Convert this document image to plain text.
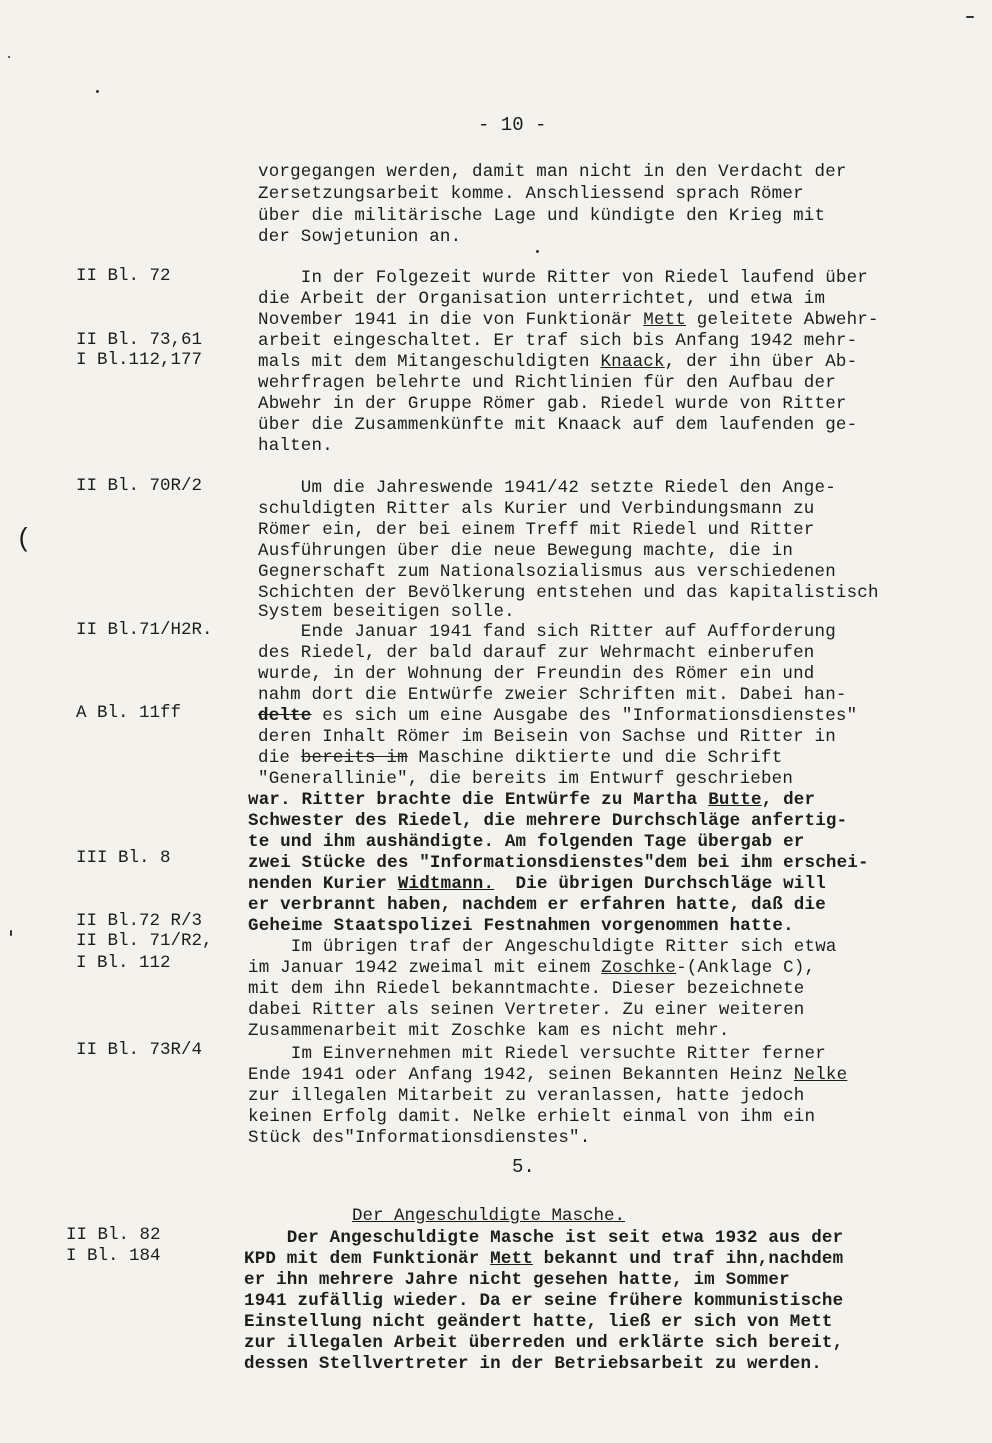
(
- 10 -
II Bl. 72
II Bl. 73,61
I Bl.112,177
II Bl. 70R/2
II Bl.71/H2R.
A Bl. 11ff
III Bl. 8
II Bl.72 R/3
II Bl. 71/R2,
I Bl. 112
II Bl. 73R/4
II Bl. 82
I Bl. 184
vorgegangen werden, damit man nicht in den Verdacht der
Zersetzungsarbeit komme. Anschliessend sprach Römer
über die militärische Lage und kündigte den Krieg mit
der Sowjetunion an.
In der Folgezeit wurde Ritter von Riedel laufend über
die Arbeit der Organisation unterrichtet, und etwa im
November 1941 in die von Funktionär Mett geleitete Abwehr-
arbeit eingeschaltet. Er traf sich bis Anfang 1942 mehr-
mals mit dem Mitangeschuldigten Knaack, der ihn über Ab-
wehrfragen belehrte und Richtlinien für den Aufbau der
Abwehr in der Gruppe Römer gab. Riedel wurde von Ritter
über die Zusammenkünfte mit Knaack auf dem laufenden ge-
halten.
Um die Jahreswende 1941/42 setzte Riedel den Ange-
schuldigten Ritter als Kurier und Verbindungsmann zu
Römer ein, der bei einem Treff mit Riedel und Ritter
Ausführungen über die neue Bewegung machte, die in
Gegnerschaft zum Nationalsozialismus aus verschiedenen
Schichten der Bevölkerung entstehen und das kapitalistisch
System beseitigen solle.
Ende Januar 1941 fand sich Ritter auf Aufforderung
des Riedel, der bald darauf zur Wehrmacht einberufen
wurde, in der Wohnung der Freundin des Römer ein und
nahm dort die Entwürfe zweier Schriften mit. Dabei han-
delte es sich um eine Ausgabe des "Informationsdienstes"
deren Inhalt Römer im Beisein von Sachse und Ritter in
die bereits im Maschine diktierte und die Schrift
"Generallinie", die bereits im Entwurf geschrieben
war. Ritter brachte die Entwürfe zu Martha Butte, der
Schwester des Riedel, die mehrere Durchschläge anfertig-
te und ihm aushändigte. Am folgenden Tage übergab er
zwei Stücke des "Informationsdienstes"dem bei ihm erschei-
nenden Kurier Widtmann.  Die übrigen Durchschläge will
er verbrannt haben, nachdem er erfahren hatte, daß die
Geheime Staatspolizei Festnahmen vorgenommen hatte.
Im übrigen traf der Angeschuldigte Ritter sich etwa
im Januar 1942 zweimal mit einem Zoschke-(Anklage C),
mit dem ihn Riedel bekanntmachte. Dieser bezeichnete
dabei Ritter als seinen Vertreter. Zu einer weiteren
Zusammenarbeit mit Zoschke kam es nicht mehr.
Im Einvernehmen mit Riedel versuchte Ritter ferner
Ende 1941 oder Anfang 1942, seinen Bekannten Heinz Nelke
zur illegalen Mitarbeit zu veranlassen, hatte jedoch
keinen Erfolg damit. Nelke erhielt einmal von ihm ein
Stück des"Informationsdienstes".
5.
Der Angeschuldigte Masche.
Der Angeschuldigte Masche ist seit etwa 1932 aus der
KPD mit dem Funktionär Mett bekannt und traf ihn,nachdem
er ihn mehrere Jahre nicht gesehen hatte, im Sommer
1941 zufällig wieder. Da er seine frühere kommunistische
Einstellung nicht geändert hatte, ließ er sich von Mett
zur illegalen Arbeit überreden und erklärte sich bereit,
dessen Stellvertreter in der Betriebsarbeit zu werden.
